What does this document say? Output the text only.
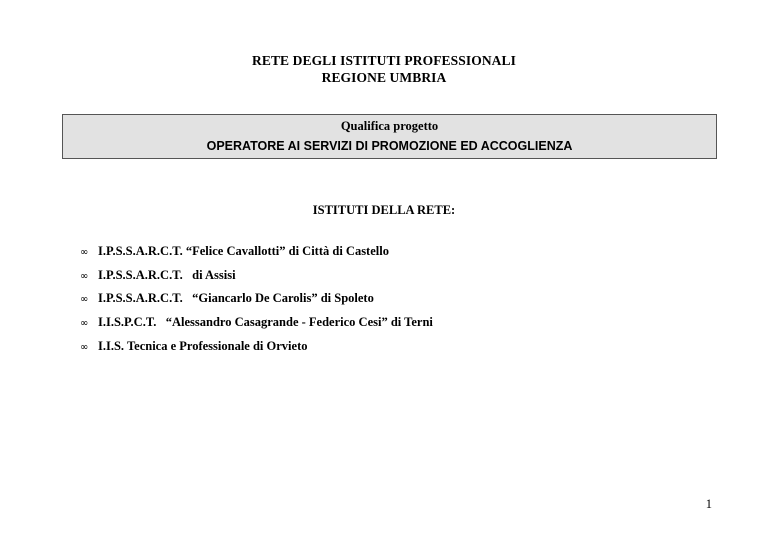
RETE DEGLI ISTITUTI PROFESSIONALI
REGIONE UMBRIA
Qualifica progetto
OPERATORE AI SERVIZI DI PROMOZIONE ED ACCOGLIENZA
ISTITUTI DELLA RETE:
∞ I.P.S.S.A.R.C.T. “Felice Cavallotti” di Città di Castello
∞ I.P.S.S.A.R.C.T.   di Assisi
∞ I.P.S.S.A.R.C.T.   “Giancarlo De Carolis” di Spoleto
∞ I.I.S.P.C.T.   “Alessandro Casagrande - Federico Cesi” di Terni
∞ I.I.S. Tecnica e Professionale di Orvieto
1
